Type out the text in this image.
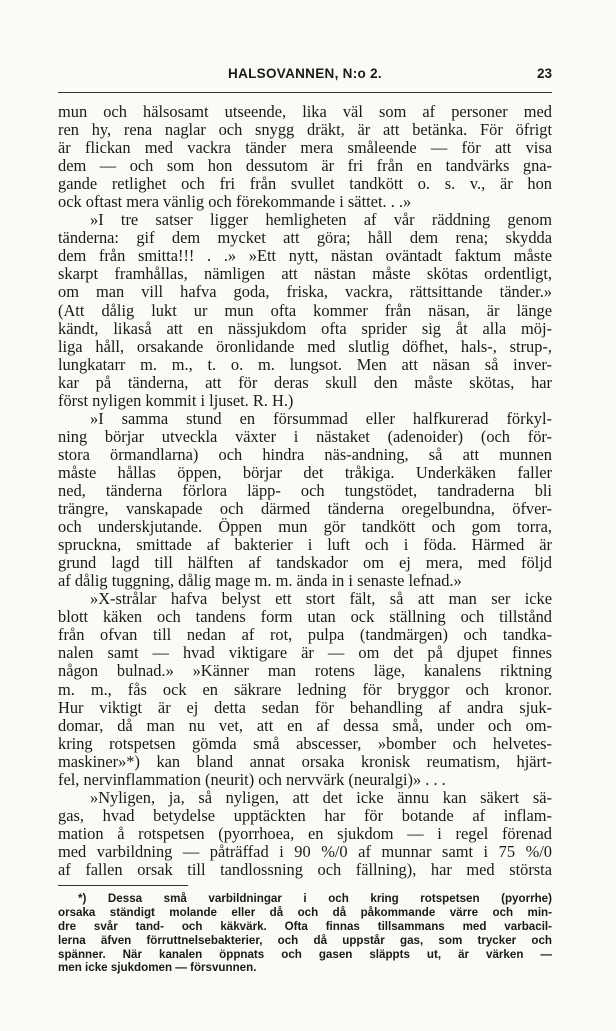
HALSOVANNEN, N:o 2.	23
mun och hälsosamt utseende, lika väl som af personer med
ren hy, rena naglar och snygg dräkt, är att betänka. För öfrigt
är flickan med vackra tänder mera småleende — för att visa
dem — och som hon dessutom är fri från en tandvärks gna-
gande retlighet och fri från svullet tandkött o. s. v., är hon
ock oftast mera vänlig och förekommande i sättet. . .»
»I tre satser ligger hemligheten af vår räddning genom
tänderna: gif dem mycket att göra; håll dem rena; skydda
dem från smitta!!! . .» »Ett nytt, nästan oväntadt faktum måste
skarpt framhållas, nämligen att nästan måste skötas ordentligt,
om man vill hafva goda, friska, vackra, rättsittande tänder.»
(Att dålig lukt ur mun ofta kommer från näsan, är länge
kändt, likaså att en nässjukdom ofta sprider sig åt alla möj-
liga håll, orsakande öronlidande med slutlig döfhet, hals-, strup-,
lungkatarr m. m., t. o. m. lungsot. Men att näsan så inver-
kar på tänderna, att för deras skull den måste skötas, har
först nyligen kommit i ljuset. R. H.)
»I samma stund en försummad eller halfkurerad förkyl-
ning börjar utveckla växter i nästaket (adenoider) (och för-
stora örmandlarna) och hindra näs-andning, så att munnen
måste hållas öppen, börjar det tråkiga. Underkäken faller
ned, tänderna förlora läpp- och tungstödet, tandraderna bli
trängre, vanskapade och därmed tänderna oregelbundna, öfver-
och underskjutande. Öppen mun gör tandkött och gom torra,
spruckna, smittade af bakterier i luft och i föda. Härmed är
grund lagd till hälften af tandskador om ej mera, med följd
af dålig tuggning, dålig mage m. m. ända in i senaste lefnad.»
»X-strålar hafva belyst ett stort fält, så att man ser icke
blott käken och tandens form utan ock ställning och tillstånd
från ofvan till nedan af rot, pulpa (tandmärgen) och tandka-
nalen samt — hvad viktigare är — om det på djupet finnes
någon bulnad.» »Känner man rotens läge, kanalens riktning
m. m., fås ock en säkrare ledning för bryggor och kronor.
Hur viktigt är ej detta sedan för behandling af andra sjuk-
domar, då man nu vet, att en af dessa små, under och om-
kring rotspetsen gömda små abscesser, »bomber och helvetes-
maskiner»*) kan bland annat orsaka kronisk reumatism, hjärt-
fel, nervinflammation (neurit) och nervvärk (neuralgi)» . . .
»Nyligen, ja, så nyligen, att det icke ännu kan säkert sä-
gas, hvad betydelse upptäckten har för botande af inflam-
mation å rotspetsen (pyorrhoea, en sjukdom — i regel förenad
med varbildning — påträffad i 90 %/0 af munnar samt i 75 %/0
af fallen orsak till tandlossning och fällning), har med största
*) Dessa små varbildningar i och kring rotspetsen (pyorrhe)
orsaka ständigt molande eller då och då påkommande värre och min-
dre svår tand- och käkvärk. Ofta finnas tillsammans med varbacil-
lerna äfven förruttnelsebakterier, och då uppstår gas, som trycker och
spänner. När kanalen öppnats och gasen släppts ut, är värken —
men icke sjukdomen — försvunnen.
